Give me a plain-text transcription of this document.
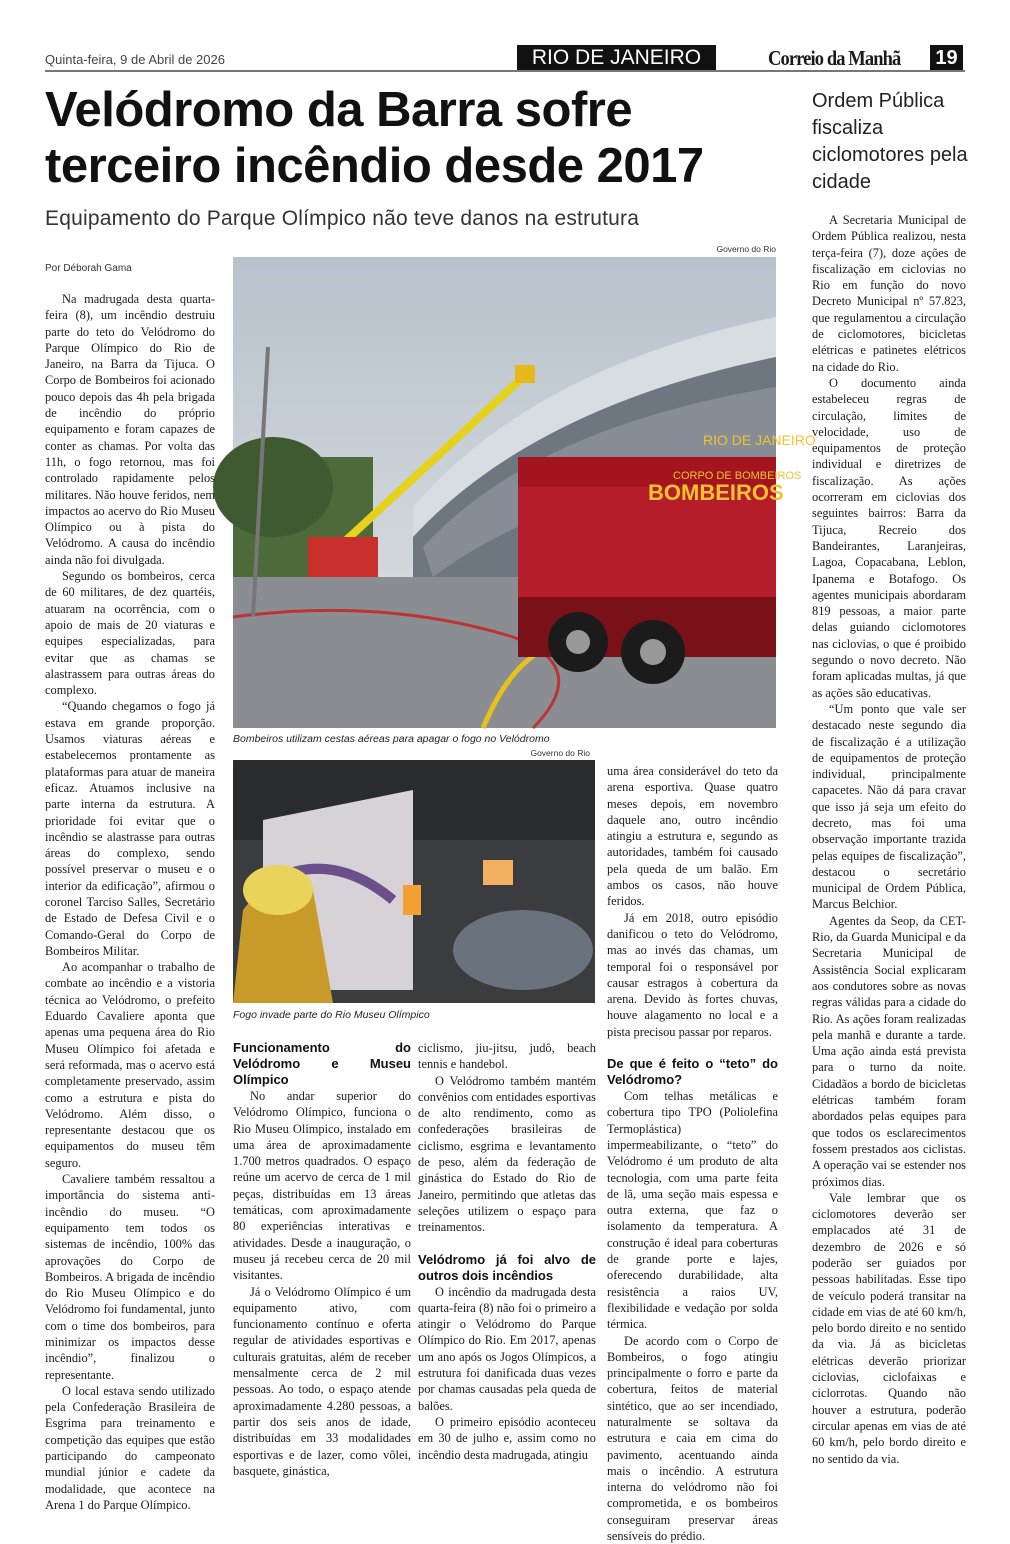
Quinta-feira, 9 de Abril de 2026	RIO DE JANEIRO	Correio da Manhã 19
Velódromo da Barra sofre terceiro incêndio desde 2017
Equipamento do Parque Olímpico não teve danos na estrutura
Ordem Pública fiscaliza ciclomotores pela cidade
Por Déborah Gama
Governo do Rio
BOMBEIROS
CORPO DE BOMBEIROS
RIO DE JANEIRO
Bombeiros utilizam cestas aéreas para apagar o fogo no Velódromo
Governo do Rio
Fogo invade parte do Rio Museu Olímpico

Na madrugada desta quarta-feira (8), um incêndio destruiu parte do teto do Velódromo do Parque Olímpico do Rio de Janeiro, na Barra da Tijuca. O Corpo de Bombeiros foi acionado pouco depois das 4h pela brigada de incêndio do próprio equipamento e foram capazes de conter as chamas. Por volta das 11h, o fogo retornou, mas foi controlado rapidamente pelos militares. Não houve feridos, nem impactos ao acervo do Rio Museu Olímpico ou à pista do Velódromo. A causa do incêndio ainda não foi divulgada.

Segundo os bombeiros, cerca de 60 militares, de dez quartéis, atuaram na ocorrência, com o apoio de mais de 20 viaturas e equipes especializadas, para evitar que as chamas se alastrassem para outras áreas do complexo.

“Quando chegamos o fogo já estava em grande proporção. Usamos viaturas aéreas e estabelecemos prontamente as plataformas para atuar de maneira eficaz. Atuamos inclusive na parte interna da estrutura. A prioridade foi evitar que o incêndio se alastrasse para outras áreas do complexo, sendo possível preservar o museu e o interior da edificação”, afirmou o coronel Tarciso Salles, Secretário de Estado de Defesa Civil e o Comando-Geral do Corpo de Bombeiros Militar.

Ao acompanhar o trabalho de combate ao incêndio e a vistoria técnica ao Velódromo, o prefeito Eduardo Cavaliere aponta que apenas uma pequena área do Rio Museu Olímpico foi afetada e será reformada, mas o acervo está completamente preservado, assim como a estrutura e pista do Velódromo. Além disso, o representante destacou que os equipamentos do museu têm seguro.

Cavaliere também ressaltou a importância do sistema anti-incêndio do museu. “O equipamento tem todos os sistemas de incêndio, 100% das aprovações do Corpo de Bombeiros. A brigada de incêndio do Rio Museu Olímpico e do Velódromo foi fundamental, junto com o time dos bombeiros, para minimizar os impactos desse incêndio”, finalizou o representante.

O local estava sendo utilizado pela Confederação Brasileira de Esgrima para treinamento e competição das equipes que estão participando do campeonato mundial júnior e cadete da modalidade, que acontece na Arena 1 do Parque Olímpico.

Funcionamento do Velódromo e Museu Olímpico

No andar superior do Velódromo Olímpico, funciona o Rio Museu Olímpico, instalado em uma área de aproximadamente 1.700 metros quadrados. O espaço reúne um acervo de cerca de 1 mil peças, distribuídas em 13 áreas temáticas, com aproximadamente 80 experiências interativas e atividades. Desde a inauguração, o museu já recebeu cerca de 20 mil visitantes.

Já o Velódromo Olímpico é um equipamento ativo, com funcionamento contínuo e oferta regular de atividades esportivas e culturais gratuitas, além de receber mensalmente cerca de 2 mil pessoas. Ao todo, o espaço atende aproximadamente 4.280 pessoas, a partir dos seis anos de idade, distribuídas em 33 modalidades esportivas e de lazer, como vôlei, basquete, ginástica,

ciclismo, jiu-jitsu, judô, beach tennis e handebol.

O Velódromo também mantém convênios com entidades esportivas de alto rendimento, como as confederações brasileiras de ciclismo, esgrima e levantamento de peso, além da federação de ginástica do Estado do Rio de Janeiro, permitindo que atletas das seleções utilizem o espaço para treinamentos.

Velódromo já foi alvo de outros dois incêndios

O incêndio da madrugada desta quarta-feira (8) não foi o primeiro a atingir o Velódromo do Parque Olímpico do Rio. Em 2017, apenas um ano após os Jogos Olímpicos, a estrutura foi danificada duas vezes por chamas causadas pela queda de balões.

O primeiro episódio aconteceu em 30 de julho e, assim como no incêndio desta madrugada, atingiu

uma área considerável do teto da arena esportiva. Quase quatro meses depois, em novembro daquele ano, outro incêndio atingiu a estrutura e, segundo as autoridades, também foi causado pela queda de um balão. Em ambos os casos, não houve feridos.

Já em 2018, outro episódio danificou o teto do Velódromo, mas ao invés das chamas, um temporal foi o responsável por causar estragos à cobertura da arena. Devido às fortes chuvas, houve alagamento no local e a pista precisou passar por reparos.

De que é feito o “teto” do Velódromo?

Com telhas metálicas e cobertura tipo TPO (Poliolefina Termoplástica) impermeabilizante, o “teto” do Velódromo é um produto de alta tecnologia, com uma parte feita de lã, uma seção mais espessa e outra externa, que faz o isolamento da temperatura. A construção é ideal para coberturas de grande porte e lajes, oferecendo durabilidade, alta resistência a raios UV, flexibilidade e vedação por solda térmica.

De acordo com o Corpo de Bombeiros, o fogo atingiu principalmente o forro e parte da cobertura, feitos de material sintético, que ao ser incendiado, naturalmente se soltava da estrutura e caia em cima do pavimento, acentuando ainda mais o incêndio. A estrutura interna do velódromo não foi comprometida, e os bombeiros conseguiram preservar áreas sensíveis do prédio.

A Secretaria Municipal de Ordem Pública realizou, nesta terça-feira (7), doze ações de fiscalização em ciclovias no Rio em função do novo Decreto Municipal nº 57.823, que regulamentou a circulação de ciclomotores, bicicletas elétricas e patinetes elétricos na cidade do Rio.

O documento ainda estabeleceu regras de circulação, limites de velocidade, uso de equipamentos de proteção individual e diretrizes de fiscalização. As ações ocorreram em ciclovias dos seguintes bairros: Barra da Tijuca, Recreio dos Bandeirantes, Laranjeiras, Lagoa, Copacabana, Leblon, Ipanema e Botafogo. Os agentes municipais abordaram 819 pessoas, a maior parte delas guiando ciclomotores nas ciclovias, o que é proibido segundo o novo decreto. Não foram aplicadas multas, já que as ações são educativas.

“Um ponto que vale ser destacado neste segundo dia de fiscalização é a utilização de equipamentos de proteção individual, principalmente capacetes. Não dá para cravar que isso já seja um efeito do decreto, mas foi uma observação importante trazida pelas equipes de fiscalização”, destacou o secretário municipal de Ordem Pública, Marcus Belchior.

Agentes da Seop, da CET-Rio, da Guarda Municipal e da Secretaria Municipal de Assistência Social explicaram aos condutores sobre as novas regras válidas para a cidade do Rio. As ações foram realizadas pela manhã e durante a tarde. Uma ação ainda está prevista para o turno da noite. Cidadãos a bordo de bicicletas elétricas também foram abordados pelas equipes para que todos os esclarecimentos fossem prestados aos ciclistas. A operação vai se estender nos próximos dias.

Vale lembrar que os ciclomotores deverão ser emplacados até 31 de dezembro de 2026 e só poderão ser guiados por pessoas habilitadas. Esse tipo de veículo poderá transitar na cidade em vias de até 60 km/h, pelo bordo direito e no sentido da via. Já as bicicletas elétricas deverão priorizar ciclovias, ciclofaixas e ciclorrotas. Quando não houver a estrutura, poderão circular apenas em vias de até 60 km/h, pelo bordo direito e no sentido da via.
